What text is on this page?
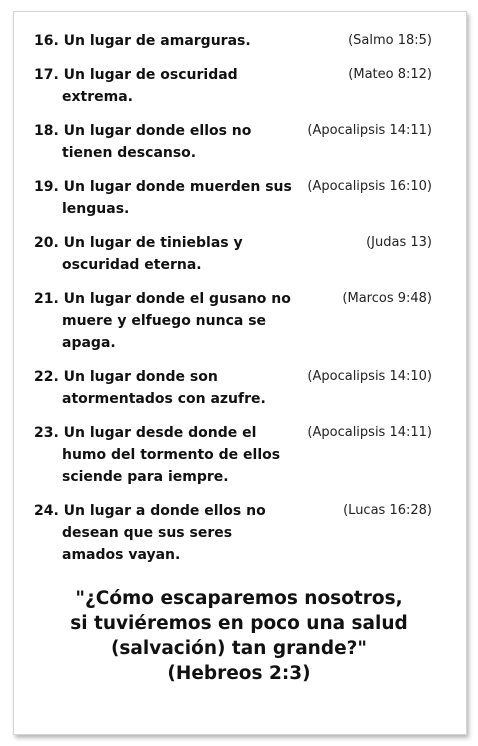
16. Un lugar de amarguras.	(Salmo 18:5)
17. Un lugar de oscuridad extrema.
(Mateo 8:12)
18. Un lugar donde ellos no tienen descanso.
(Apocalipsis 14:11)
19. Un lugar donde muerden sus lenguas.
(Apocalipsis 16:10)
20. Un lugar de tinieblas y oscuridad eterna.
(Judas 13)
21. Un lugar donde el gusano no muere y elfuego nunca se apaga.
(Marcos 9:48)
22. Un lugar donde son atormentados con azufre.
(Apocalipsis 14:10)
23. Un lugar desde donde el humo del tormento de ellos sciende para iempre.
(Apocalipsis 14:11)
24. Un lugar a donde ellos no desean que sus seres amados vayan.
(Lucas 16:28)
"¿Cómo escaparemos nosotros,
si tuviéremos en poco una salud
(salvación) tan grande?"
(Hebreos 2:3)
